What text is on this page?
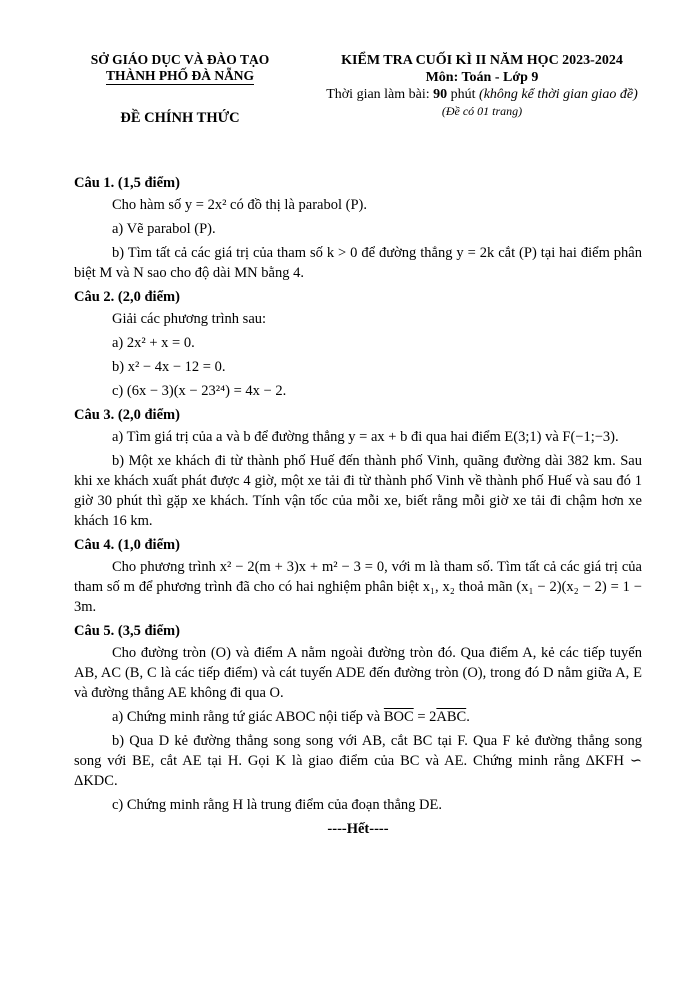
SỞ GIÁO DỤC VÀ ĐÀO TẠO
THÀNH PHỐ ĐÀ NẴNG
ĐỀ CHÍNH THỨC
KIỂM TRA CUỐI KÌ II NĂM HỌC 2023-2024
Môn: Toán - Lớp 9
Thời gian làm bài: 90 phút (không kể thời gian giao đề)
(Đề có 01 trang)
Câu 1. (1,5 điểm)
Cho hàm số y = 2x² có đồ thị là parabol (P).
a) Vẽ parabol (P).
b) Tìm tất cả các giá trị của tham số k > 0 để đường thẳng y = 2k cắt (P) tại hai điểm phân biệt M và N sao cho độ dài MN bằng 4.
Câu 2. (2,0 điểm)
Giải các phương trình sau:
a) 2x² + x = 0.
b) x² − 4x − 12 = 0.
c) (6x − 3)(x − 23²⁴) = 4x − 2.
Câu 3. (2,0 điểm)
a) Tìm giá trị của a và b để đường thẳng y = ax + b đi qua hai điểm E(3;1) và F(−1;−3).
b) Một xe khách đi từ thành phố Huế đến thành phố Vinh, quãng đường dài 382 km. Sau khi xe khách xuất phát được 4 giờ, một xe tải đi từ thành phố Vinh về thành phố Huế và sau đó 1 giờ 30 phút thì gặp xe khách. Tính vận tốc của mỗi xe, biết rằng mỗi giờ xe tải đi chậm hơn xe khách 16 km.
Câu 4. (1,0 điểm)
Cho phương trình x² − 2(m + 3)x + m² − 3 = 0, với m là tham số. Tìm tất cả các giá trị của tham số m để phương trình đã cho có hai nghiệm phân biệt x₁, x₂ thoả mãn (x₁ − 2)(x₂ − 2) = 1 − 3m.
Câu 5. (3,5 điểm)
Cho đường tròn (O) và điểm A nằm ngoài đường tròn đó. Qua điểm A, kẻ các tiếp tuyến AB, AC (B, C là các tiếp điểm) và cát tuyến ADE đến đường tròn (O), trong đó D nằm giữa A, E và đường thẳng AE không đi qua O.
a) Chứng minh rằng tứ giác ABOC nội tiếp và $\overline{BOC} = 2\overline{ABC}$.
b) Qua D kẻ đường thẳng song song với AB, cắt BC tại F. Qua F kẻ đường thẳng song song với BE, cắt AE tại H. Gọi K là giao điểm của BC và AE. Chứng minh rằng ΔKFH ∽ ΔKDC.
c) Chứng minh rằng H là trung điểm của đoạn thẳng DE.
----Hết----
